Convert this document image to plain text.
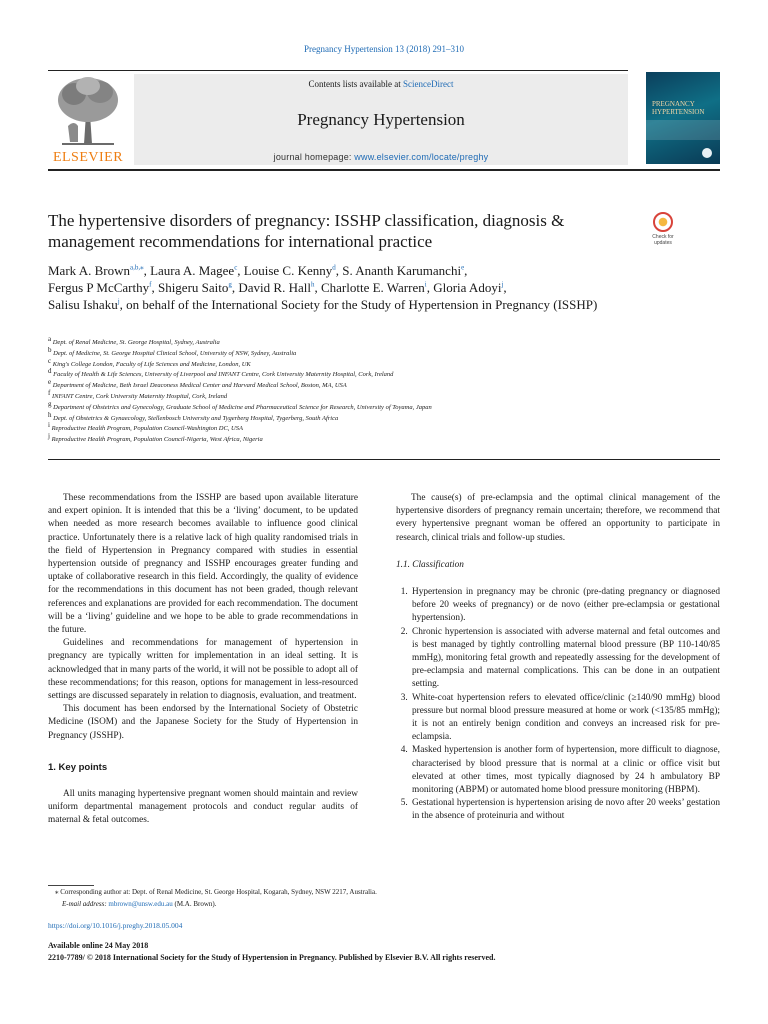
Pregnancy Hypertension 13 (2018) 291–310
ELSEVIER
Contents lists available at ScienceDirect
Pregnancy Hypertension
journal homepage: www.elsevier.com/locate/preghy
PREGNANCY HYPERTENSION
The hypertensive disorders of pregnancy: ISSHP classification, diagnosis & management recommendations for international practice	Check for updates
Mark A. Brown$^{a,b,⁎}$, Laura A. Magee$^c$, Louise C. Kenny$^d$, S. Ananth Karumanchi$^e$,
Fergus P McCarthy$^f$, Shigeru Saito$^g$, David R. Hall$^h$, Charlotte E. Warren$^i$, Gloria Adoyi$^j$,
Salisu Ishaku$^j$, on behalf of the International Society for the Study of Hypertension in Pregnancy (ISSHP)
$^a$ Dept. of Renal Medicine, St. George Hospital, Sydney, Australia
$^b$ Dept. of Medicine, St. George Hospital Clinical School, University of NSW, Sydney, Australia
$^c$ King's College London, Faculty of Life Sciences and Medicine, London, UK
$^d$ Faculty of Health & Life Sciences, University of Liverpool and INFANT Centre, Cork University Maternity Hospital, Cork, Ireland
$^e$ Department of Medicine, Beth Israel Deaconess Medical Center and Harvard Medical School, Boston, MA, USA
$^f$ INFANT Centre, Cork University Maternity Hospital, Cork, Ireland
$^g$ Department of Obstetrics and Gynecology, Graduate School of Medicine and Pharmaceutical Science for Research, University of Toyama, Japan
$^h$ Dept. of Obstetrics & Gynaecology, Stellenbosch University and Tygerberg Hospital, Tygerberg, South Africa
$^i$ Reproductive Health Program, Population Council-Washington DC, USA
$^j$ Reproductive Health Program, Population Council-Nigeria, West Africa, Nigeria

These recommendations from the ISSHP are based upon available literature and expert opinion. It is intended that this be a ‘living’ document, to be updated when needed as more research becomes available to influence good clinical practice. Unfortunately there is a relative lack of high quality randomised trials in the field of Hypertension in Pregnancy compared with studies in essential hypertension outside of pregnancy and ISSHP encourages greater funding and uptake of collaborative research in this field. Accordingly, the quality of evidence for the recommendations in this document has not been graded, though relevant references and explanations are provided for each recommendation. The document will be a ‘living’ guideline and we hope to be able to grade recommendations in the future.

Guidelines and recommendations for management of hypertension in pregnancy are typically written for implementation in an ideal setting. It is acknowledged that in many parts of the world, it will not be possible to adopt all of these recommendations; for this reason, options for management in less-resourced settings are discussed separately in relation to diagnosis, evaluation, and treatment.

This document has been endorsed by the International Society of Obstetric Medicine (ISOM) and the Japanese Society for the Study of Hypertension in Pregnancy (JSSHP).

1. Key points

All units managing hypertensive pregnant women should maintain and review uniform departmental management protocols and conduct regular audits of maternal & fetal outcomes.

The cause(s) of pre-eclampsia and the optimal clinical management of the hypertensive disorders of pregnancy remain uncertain; therefore, we recommend that every hypertensive pregnant woman be offered an opportunity to participate in research, clinical trials and follow-up studies.

1.1. Classification
1. Hypertension in pregnancy may be chronic (pre-dating pregnancy or diagnosed before 20 weeks of pregnancy) or de novo (either pre-eclampsia or gestational hypertension).
2. Chronic hypertension is associated with adverse maternal and fetal outcomes and is best managed by tightly controlling maternal blood pressure (BP 110-140/85 mmHg), monitoring fetal growth and repeatedly assessing for the development of pre-eclampsia and maternal complications. This can be done in an outpatient setting.
3. White-coat hypertension refers to elevated office/clinic (≥140/90 mmHg) blood pressure but normal blood pressure measured at home or work (<135/85 mmHg); it is not an entirely benign condition and conveys an increased risk for pre-eclampsia.
4. Masked hypertension is another form of hypertension, more difficult to diagnose, characterised by blood pressure that is normal at a clinic or office visit but elevated at other times, most typically diagnosed by 24 h ambulatory BP monitoring (ABPM) or automated home blood pressure monitoring (HBPM).
5. Gestational hypertension is hypertension arising de novo after 20 weeks’ gestation in the absence of proteinuria and without
⁎ Corresponding author at: Dept. of Renal Medicine, St. George Hospital, Kogarah, Sydney, NSW 2217, Australia.
E-mail address: mbrown@unsw.edu.au (M.A. Brown).
https://doi.org/10.1016/j.preghy.2018.05.004
Available online 24 May 2018
2210-7789/ © 2018 International Society for the Study of Hypertension in Pregnancy. Published by Elsevier B.V. All rights reserved.
